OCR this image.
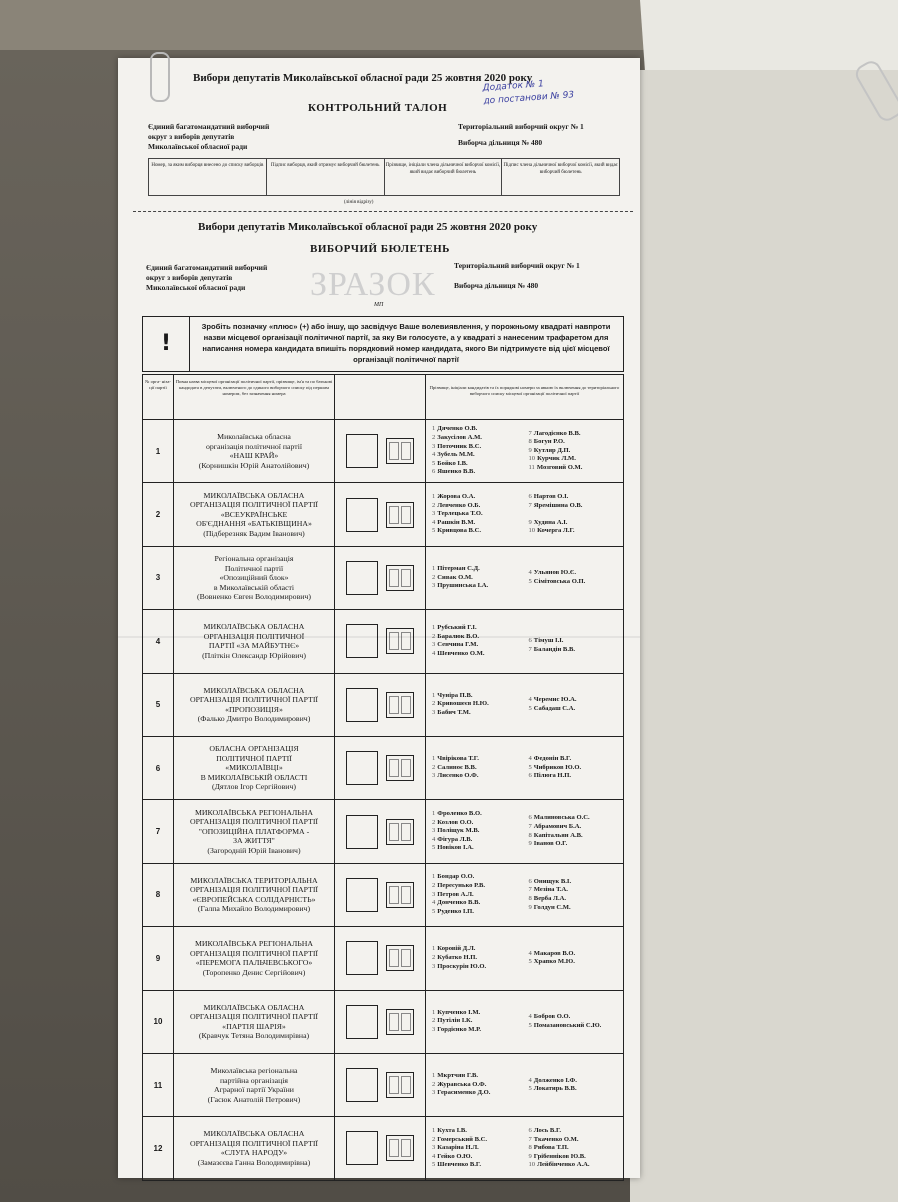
Вибори депутатів Миколаївської обласної ради 25 жовтня 2020 року
Додаток № 1
до постанови № 93
КОНТРОЛЬНИЙ ТАЛОН
Єдиний багатомандатний виборчий
округ з виборів депутатів
Миколаївської обласної ради
Територіальний виборчий округ № 1
Виборча дільниця № 480
Номер, за яким виборця внесено до списку виборців	Підпис виборця, який отримує виборчий бюлетень	Прізвище, ініціали члена дільничної виборчої комісії, який видає виборчий бюлетень
Підпис члена дільничної виборчої комісії, який видає виборчий бюлетень
(лінія відрізу)
Вибори депутатів Миколаївської обласної ради 25 жовтня 2020 року
ВИБОРЧИЙ БЮЛЕТЕНЬ
ЗРАЗОК
Єдиний багатомандатний виборчий
округ з виборів депутатів
Миколаївської обласної ради
Територіальний виборчий округ № 1
Виборча дільниця № 480
МП
!
Зробіть позначку «плюс» (+) або іншу, що засвідчує Ваше волевиявлення, у порожньому квадраті навпроти назви місцевої організації політичної партії, за яку Ви голосуєте, а у квадраті з нанесеним трафаретом для написання номера кандидата впишіть порядковий номер кандидата, якого Ви підтримуєте від цієї місцевої організації політичної партії
№ орга- ніза- ції партії
Повна назва місцевої організації політичної партії, прізвище, ім'я та по батькові кандидата в депутати, включеного до єдиного виборчого списку під першим номером, без зазначення номера
Прізвище, ініціали кандидатів та їх порядкові номери за явною їх включення до територіального виборчого списку місцевої організації політичної партії
1
Миколаївська обласна
організація політичної партії
«НАШ КРАЙ»
(Корнишкін Юрій Анатолійович)
1 Дяченко О.В.
2 Закусілов А.М.
3 Поточник В.С.
4 Зубель М.М.
5 Бойко І.В.
6 Яшенко В.В.
7 Лагодієнко В.В.
8 Богун Р.О.
9 Кутляр Д.П.
10 Курчик Л.М.
11 Мозговий О.М.
2
МИКОЛАЇВСЬКА ОБЛАСНА
ОРГАНІЗАЦІЯ ПОЛІТИЧНОЇ ПАРТІЇ
«ВСЕУКРАЇНСЬКЕ
ОБ'ЄДНАННЯ «БАТЬКІВЩИНА»
(Підберезняк Вадим Іванович)
1 Жорова О.А.
2 Левченко О.Б.
3 Терлецька Т.О.
4 Рашкін В.М.
5 Кривцова В.С.
6 Нартов О.І.
7 Яремішина О.В.

9 Худяна А.І.
10 Кочерга Л.Г.
3
Регіональна організація
Політичної партії
«Опозиційний блок»
в Миколаївській області
(Вовненко Євген Володимирович)
1 Пітерман С.Д.
2 Сивак О.М.
3 Прушинська І.А.
4 Ульянов Ю.Є.
5 Сімітовська О.П.
4
МИКОЛАЇВСЬКА ОБЛАСНА
ОРГАНІЗАЦІЯ ПОЛІТИЧНОЇ
ПАРТІЇ «ЗА МАЙБУТНЄ»
(Пліткін Олександр Юрійович)
1 Рубський Г.І.
2 Баралюк В.О.
3 Сенчина Г.М.
4 Шевченко О.М.

6 Тімуш І.І.
7 Баландін В.В.
5
МИКОЛАЇВСЬКА ОБЛАСНА
ОРГАНІЗАЦІЯ ПОЛІТИЧНОЇ ПАРТІЇ
«ПРОПОЗИЦІЯ»
(Фалько Дмитро Володимирович)
1 Чуніра П.В.
2 Кривошеєв Н.Ю.
3 Бабич Т.М.
4 Черемис Ю.А.
5 Сабадаш С.А.
6
ОБЛАСНА ОРГАНІЗАЦІЯ
ПОЛІТИЧНОЇ ПАРТІЇ
«МИКОЛАЇВЦІ»
В МИКОЛАЇВСЬКІЙ ОБЛАСТІ
(Дятлов Ігор Сергійович)
1 Чвірікова Т.Г.
2 Салиноє В.В.
3 Лисенко О.Ф.
4 Федонін В.Г.
5 Чибриков Ю.О.
6 Пілюга Н.П.
7
МИКОЛАЇВСЬКА РЕГІОНАЛЬНА
ОРГАНІЗАЦІЯ ПОЛІТИЧНОЇ ПАРТІЇ
"ОПОЗИЦІЙНА ПЛАТФОРМА -
ЗА ЖИТТЯ"
(Загородній Юрій Іванович)
1 Фроленко В.О.
2 Козлов О.О.
3 Поліщук М.В.
4 Фігура Л.В.
5 Новіков І.А.
6 Малиновська О.С.
7 Абрамович Б.А.
8 Капітальян А.В.
9 Іванов О.Г.
8
МИКОЛАЇВСЬКА ТЕРИТОРІАЛЬНА
ОРГАНІЗАЦІЯ ПОЛІТИЧНОЇ ПАРТІЇ
«ЄВРОПЕЙСЬКА СОЛІДАРНІСТЬ»
(Галпа Михайло Володимирович)
1 Бондар О.О.
2 Пересунько Р.В.
3 Петров А.Л.
4 Донченко В.В.
5 Руденко І.П.
6 Онищук В.І.
7 Мезіна Т.А.
8 Верба Л.А.
9 Голдун С.М.
9
МИКОЛАЇВСЬКА РЕГІОНАЛЬНА
ОРГАНІЗАЦІЯ ПОЛІТИЧНОЇ ПАРТІЇ
«ПЕРЕМОГА ПАЛЬЧЕВСЬКОГО»
(Торопенко Денис Сергійович)
1 Коровій Д.Л.
2 Кубатко Н.П.
3 Проскурін Ю.О.
4 Макаров В.О.
5 Храпко М.Ю.
10
МИКОЛАЇВСЬКА ОБЛАСНА
ОРГАНІЗАЦІЯ ПОЛІТИЧНОЇ ПАРТІЇ
«ПАРТІЯ ШАРІЯ»
(Кравчук Тетяна Володимирівна)
1 Купченко І.М.
2 Путілін І.К.
3 Гордієнко М.Р.
4 Бобров О.О.
5 Помазановський С.Ю.
11
Миколаївська регіональна
партійна організація
Аграрної партії України
(Гасюк Анатолій Петрович)
1 Мкртчян Г.В.
2 Журавська О.Ф.
3 Герасименко Д.О.
4 Долженко І.Ф.
5 Локатирь В.В.
12
МИКОЛАЇВСЬКА ОБЛАСНА
ОРГАНІЗАЦІЯ ПОЛІТИЧНОЇ ПАРТІЇ
«СЛУГА НАРОДУ»
(Замазєєва Ганна Володимирівна)
1 Кухта І.В.
2 Гомерський В.С.
3 Казаріна Н.Л.
4 Гейко О.Ю.
5 Шевченко В.Г.
6 Лось В.Г.
7 Ткаченко О.М.
8 Рибова Т.П.
9 Грібенніков Ю.В.
10 Лейбінченко А.А.
